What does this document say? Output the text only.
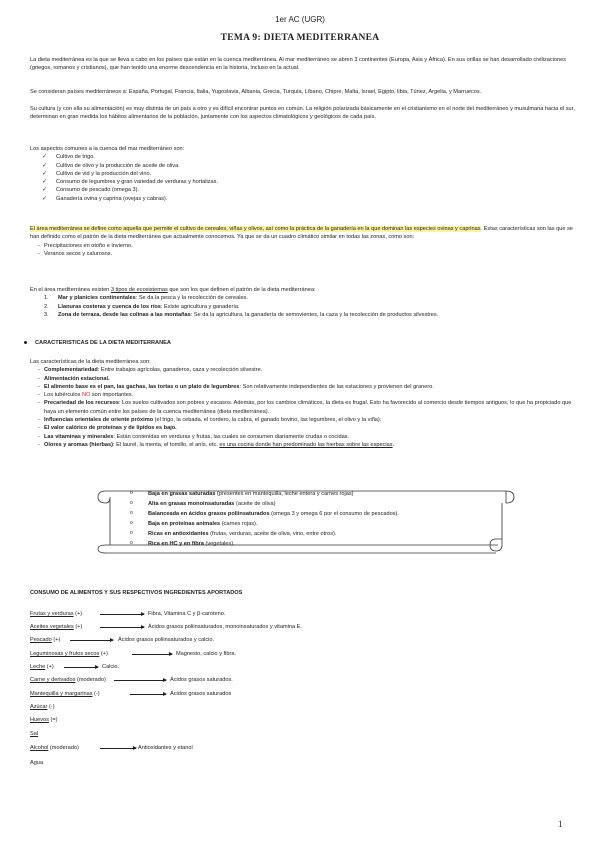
1er AC (UGR)
TEMA 9: DIETA MEDITERRANEA

La dieta mediterránea es la que se lleva a cabo en los países que están en la cuenca mediterránea. Al mar mediterráneo se abren 3 continentes (Europa, Asia y África). En sus orillas se han desarrollado civilizaciones (griegos, romanos y cristianos), que han tenido una enorme descendencia en la historia, incluso en la actual.

Se consideran países mediterráneos a: España, Portugal, Francia, Italia, Yugoslavia, Albania, Grecia, Turquía, Líbano, Chipre, Malta, Israel, Egipto, libia, Túnez, Argelia, y Marruecos.

Su cultura (y con ella su alimentación) es muy distinta de un país a otro y es difícil encontrar puntos en común. La religión polarizada básicamente en el cristianismo en el norte del mediterráneo y musulmana hacia el sur, determinan en gran medida los hábitos alimentarios de la población, juntamente con los aspectos climatológicos y geológicos de cada país.

Los aspectos comunes a la cuenca del mar mediterráneo son:

✓ Cultivo de trigo.
✓ Cultivo de olivo y la producción de aceite de oliva.
✓ Cultivo de vid y la producción del vino.
✓ Consumo de legumbres y gran variedad de verduras y hortalizas.
✓ Consumo de pescado (omega 3).
✓ Ganadería ovina y caprina (ovejas y cabras).

El área mediterránea se define como aquella que permite el cultivo de cereales, viñas y olivos, así como la práctica de la ganadería en la que dominan las especies ovinas y caprinas. Estas características son las que se han definido como el patrón de la dieta mediterránea que actualmente conocemos. Ya que se da un cuadro climático similar en todas las zonas, como son:

- Precipitaciones en otoño e invierno.
- Veranos secos y calurosos.

En el área mediterránea existen 3 tipos de ecosistemas que son los que definen el patrón de la dieta mediterránea:

1. Mar y planicies continentales: Se da la pesca y la recolección de cereales.
2. Llanuras costeras y cuenca de los ríos: Existe agricultura y ganadería.
3. Zona de terraza, desde las colinas a las montañas: Se da la agricultura, la ganadería de semovientes, la caza y la recolección de productos silvestres.
CARACTERISTICAS DE LA DIETA MEDITERRANEA

Las características de la dieta mediterránea son:

- Complementariedad: Entre trabajos agrícolas, ganaderos, caza y recolección silvestre.
- Alimentación estacional.
- El alimento base es el pan, las gachas, las tortas o un plato de legumbres: Son relativamente independientes de las estaciones y provienen del granero.
- Los tubérculos NO son importantes.
- Precariedad de los recursos: Los suelos cultivados son pobres y escasos. Además, por los cambios climáticos, la dieta es frugal. Esto ha favorecido al comercio desde tiempos antiguos, lo que ha propiciado que haya un elemento común entre los países de la cuenca mediterránea (dieta mediterránea).
- Influencias orientales de oriente próximo (el trigo, la cebada, el cordero, la cabra, el ganado bovino, las legumbres, el olivo y la viña).
- El valor calórico de proteínas y de lípidos es bajo.
- Las vitaminas y minerales: Están contenidas en verduras y frutas, las cuales se consumen diariamente crudas o cocidas.
- Olores y aromas (hierbas): El laurel, la menta, el tomillo, el anís, etc. es una cocina donde han predominado las hierbas sobre las especias.
o Baja en grasas saturadas (presentes en mantequilla, leche entera y carnes rojas)
o Alta en grasas monoinsaturadas (aceite de oliva)
o Balanceada en ácidos grasos poliinsaturados (omega 3 y omega 6 por el consumo de pescados).
o Baja en proteínas animales (carnes rojas).
o Ricas en antioxidantes (frutas, verduras, aceite de oliva, vino, entre otros).
o Rica en HC y en fibra (vegetales).
CONSUMO DE ALIMENTOS Y SUS RESPECTIVOS INGREDIENTES APORTADOS
Frutas y verduras (+)	Fibra, Vitamina C y β-caroteno.
Aceites vegetales (+)	Ácidos grasos poliinsaturados, monoinsaturados y vitamina E.
Pescado (+)	Ácidos grasos poliinsaturados y calcio.
Leguminosas y frutos secos (+)	Magnesio, calcio y fibra.
Leche (+)	Calcio.
Carne y derivados (moderado)	Ácidos grasos saturados.
Mantequilla y margarinas (-)	Ácidos grasos saturados
Azúcar (-)
Huevos (=)
Sal
Alcohol (moderado)	Antioxidantes y etanol
Agua
1
